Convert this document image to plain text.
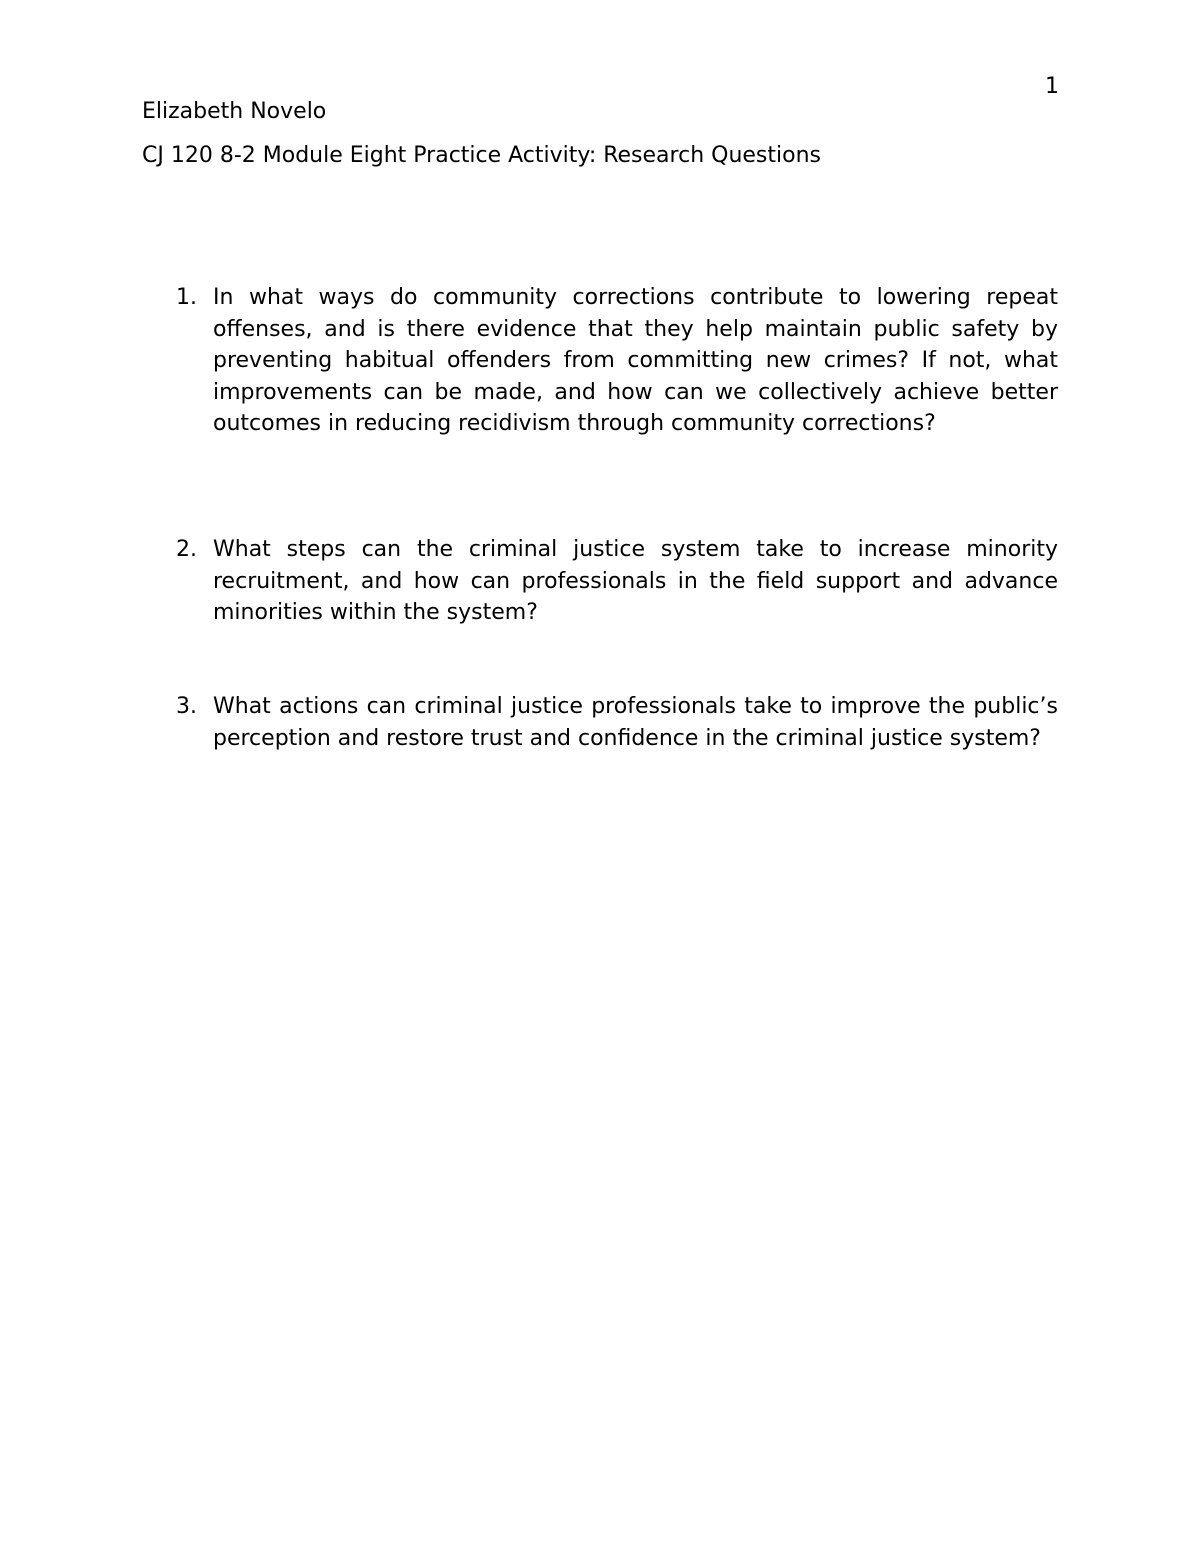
1
Elizabeth Novelo
CJ 120 8-2 Module Eight Practice Activity: Research Questions
1. In what ways do community corrections contribute to lowering repeat offenses, and is there evidence that they help maintain public safety by preventing habitual offenders from committing new crimes? If not, what improvements can be made, and how can we collectively achieve better outcomes in reducing recidivism through community corrections?
2. What steps can the criminal justice system take to increase minority recruitment, and how can professionals in the field support and advance minorities within the system?
3. What actions can criminal justice professionals take to improve the public’s perception and restore trust and confidence in the criminal justice system?
